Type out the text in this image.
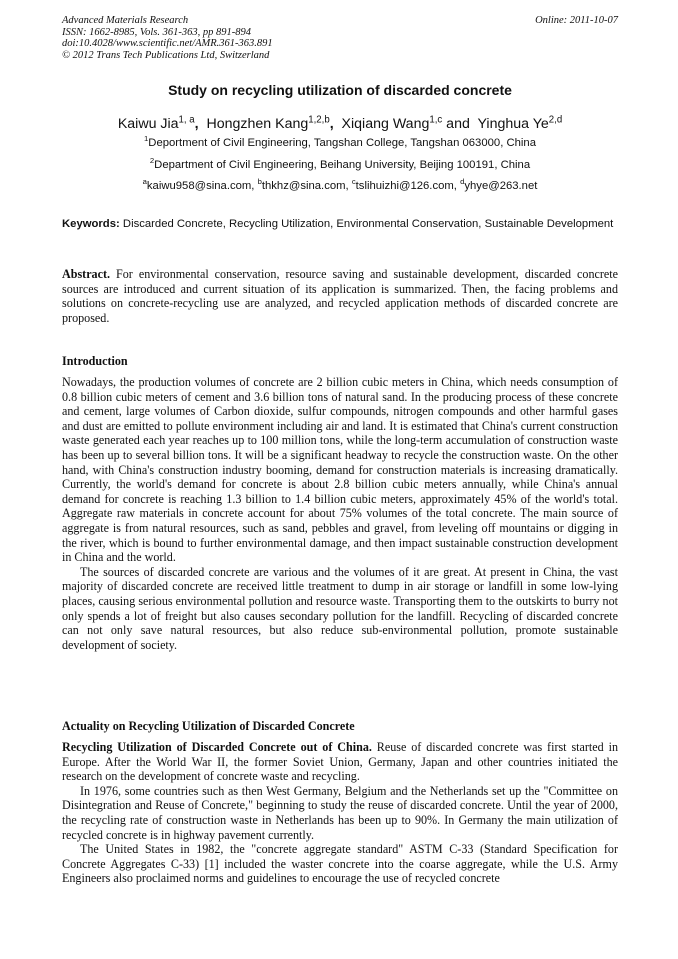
Advanced Materials Research
ISSN: 1662-8985, Vols. 361-363, pp 891-894
doi:10.4028/www.scientific.net/AMR.361-363.891
© 2012 Trans Tech Publications Ltd, Switzerland
Online: 2011-10-07
Study on recycling utilization of discarded concrete
Kaiwu Jia$^{1, a}$, Hongzhen Kang$^{1,2,b}$, Xiqiang Wang$^{1,c}$ and Yinghua Ye$^{2,d}$
$^1$Deportment of Civil Engineering, Tangshan College, Tangshan 063000, China
$^2$Department of Civil Engineering, Beihang University, Beijing 100191, China
$^a$kaiwu958@sina.com, $^b$thkhz@sina.com, $^c$tslihuizhi@126.com, $^d$yhye@263.net
Keywords: Discarded Concrete, Recycling Utilization, Environmental Conservation, Sustainable Development

Abstract. For environmental conservation, resource saving and sustainable development, discarded concrete sources are introduced and current situation of its application is summarized. Then, the facing problems and solutions on concrete-recycling use are analyzed, and recycled application methods of discarded concrete are proposed.

Introduction

Nowadays, the production volumes of concrete are 2 billion cubic meters in China, which needs consumption of 0.8 billion cubic meters of cement and 3.6 billion tons of natural sand. In the producing process of these concrete and cement, large volumes of Carbon dioxide, sulfur compounds, nitrogen compounds and other harmful gases and dust are emitted to pollute environment including air and land. It is estimated that China's current construction waste generated each year reaches up to 100 million tons, while the long-term accumulation of construction waste has been up to several billion tons. It will be a significant headway to recycle the construction waste. On the other hand, with China's construction industry booming, demand for construction materials is increasing dramatically. Currently, the world's demand for concrete is about 2.8 billion cubic meters annually, while China's annual demand for concrete is reaching 1.3 billion to 1.4 billion cubic meters, approximately 45% of the world's total. Aggregate raw materials in concrete account for about 75% volumes of the total concrete. The main source of aggregate is from natural resources, such as sand, pebbles and gravel, from leveling off mountains or digging in the river, which is bound to further environmental damage, and then impact sustainable construction development in China and the world.

The sources of discarded concrete are various and the volumes of it are great. At present in China, the vast majority of discarded concrete are received little treatment to dump in air storage or landfill in some low-lying places, causing serious environmental pollution and resource waste. Transporting them to the outskirts to burry not only spends a lot of freight but also causes secondary pollution for the landfill. Recycling of discarded concrete can not only save natural resources, but also reduce sub-environmental pollution, promote sustainable development of society.

Actuality on Recycling Utilization of Discarded Concrete

Recycling Utilization of Discarded Concrete out of China. Reuse of discarded concrete was first started in Europe. After the World War II, the former Soviet Union, Germany, Japan and other countries initiated the research on the development of concrete waste and recycling.

In 1976, some countries such as then West Germany, Belgium and the Netherlands set up the "Committee on Disintegration and Reuse of Concrete," beginning to study the reuse of discarded concrete. Until the year of 2000, the recycling rate of construction waste in Netherlands has been up to 90%. In Germany the main utilization of recycled concrete is in highway pavement currently.

The United States in 1982, the "concrete aggregate standard" ASTM C-33 (Standard Specification for Concrete Aggregates C-33) [1] included the waster concrete into the coarse aggregate, while the U.S. Army Engineers also proclaimed norms and guidelines to encourage the use of recycled concrete
